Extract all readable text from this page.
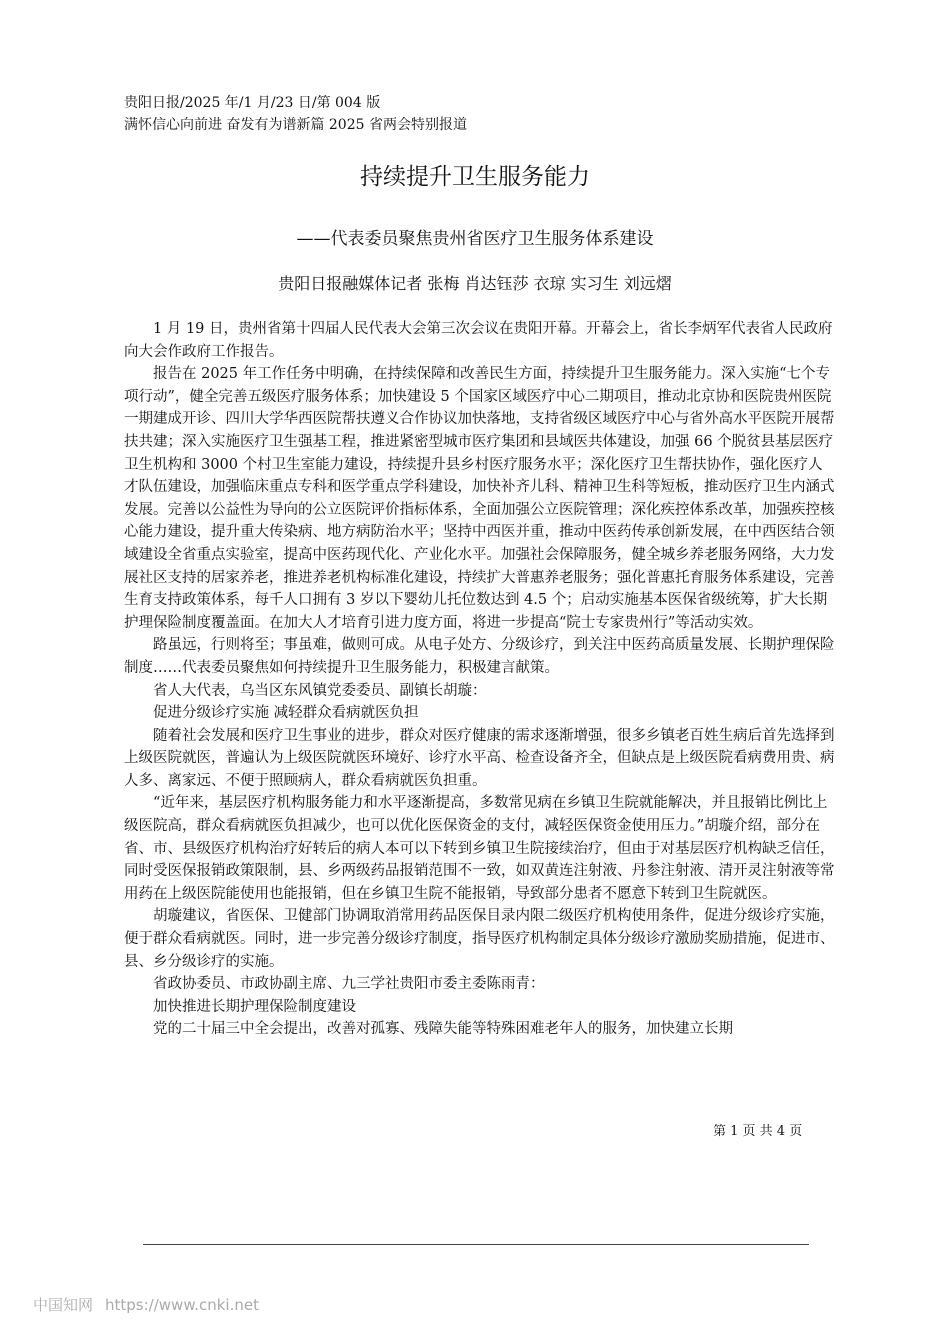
贵阳日报/2025 年/1 月/23 日/第 004 版
满怀信心向前进 奋发有为谱新篇 2025 省两会特别报道
持续提升卫生服务能力
——代表委员聚焦贵州省医疗卫生服务体系建设
贵阳日报融媒体记者 张梅 肖达钰莎 衣琼 实习生 刘远熠

1 月 19 日，贵州省第十四届人民代表大会第三次会议在贵阳开幕。开幕会上，省长李炳军代表省人民政府向大会作政府工作报告。

报告在 2025 年工作任务中明确，在持续保障和改善民生方面，持续提升卫生服务能力。深入实施“七个专项行动”，健全完善五级医疗服务体系；加快建设 5 个国家区域医疗中心二期项目，推动北京协和医院贵州医院一期建成开诊、四川大学华西医院帮扶遵义合作协议加快落地，支持省级区域医疗中心与省外高水平医院开展帮扶共建；深入实施医疗卫生强基工程，推进紧密型城市医疗集团和县域医共体建设，加强 66 个脱贫县基层医疗卫生机构和 3000 个村卫生室能力建设，持续提升县乡村医疗服务水平；深化医疗卫生帮扶协作，强化医疗人才队伍建设，加强临床重点专科和医学重点学科建设，加快补齐儿科、精神卫生科等短板，推动医疗卫生内涵式发展。完善以公益性为导向的公立医院评价指标体系，全面加强公立医院管理；深化疾控体系改革，加强疾控核心能力建设，提升重大传染病、地方病防治水平；坚持中西医并重，推动中医药传承创新发展，在中西医结合领域建设全省重点实验室，提高中医药现代化、产业化水平。加强社会保障服务，健全城乡养老服务网络，大力发展社区支持的居家养老，推进养老机构标准化建设，持续扩大普惠养老服务；强化普惠托育服务体系建设，完善生育支持政策体系，每千人口拥有 3 岁以下婴幼儿托位数达到 4.5 个；启动实施基本医保省级统筹，扩大长期护理保险制度覆盖面。在加大人才培育引进力度方面，将进一步提高“院士专家贵州行”等活动实效。

路虽远，行则将至；事虽难，做则可成。从电子处方、分级诊疗，到关注中医药高质量发展、长期护理保险制度……代表委员聚焦如何持续提升卫生服务能力，积极建言献策。

省人大代表，乌当区东风镇党委委员、副镇长胡璇：

促进分级诊疗实施 减轻群众看病就医负担

随着社会发展和医疗卫生事业的进步，群众对医疗健康的需求逐渐增强，很多乡镇老百姓生病后首先选择到上级医院就医，普遍认为上级医院就医环境好、诊疗水平高、检查设备齐全，但缺点是上级医院看病费用贵、病人多、离家远、不便于照顾病人，群众看病就医负担重。

“近年来，基层医疗机构服务能力和水平逐渐提高，多数常见病在乡镇卫生院就能解决，并且报销比例比上级医院高，群众看病就医负担减少，也可以优化医保资金的支付，减轻医保资金使用压力。”胡璇介绍，部分在省、市、县级医疗机构治疗好转后的病人本可以下转到乡镇卫生院接续治疗，但由于对基层医疗机构缺乏信任，同时受医保报销政策限制，县、乡两级药品报销范围不一致，如双黄连注射液、丹参注射液、清开灵注射液等常用药在上级医院能使用也能报销，但在乡镇卫生院不能报销，导致部分患者不愿意下转到卫生院就医。

胡璇建议，省医保、卫健部门协调取消常用药品医保目录内限二级医疗机构使用条件，促进分级诊疗实施，便于群众看病就医。同时，进一步完善分级诊疗制度，指导医疗机构制定具体分级诊疗激励奖励措施，促进市、县、乡分级诊疗的实施。

省政协委员、市政协副主席、九三学社贵阳市委主委陈雨青：

加快推进长期护理保险制度建设

党的二十届三中全会提出，改善对孤寡、残障失能等特殊困难老年人的服务，加快建立长期

第 1 页 共 4 页
中国知网 https://www.cnki.net
